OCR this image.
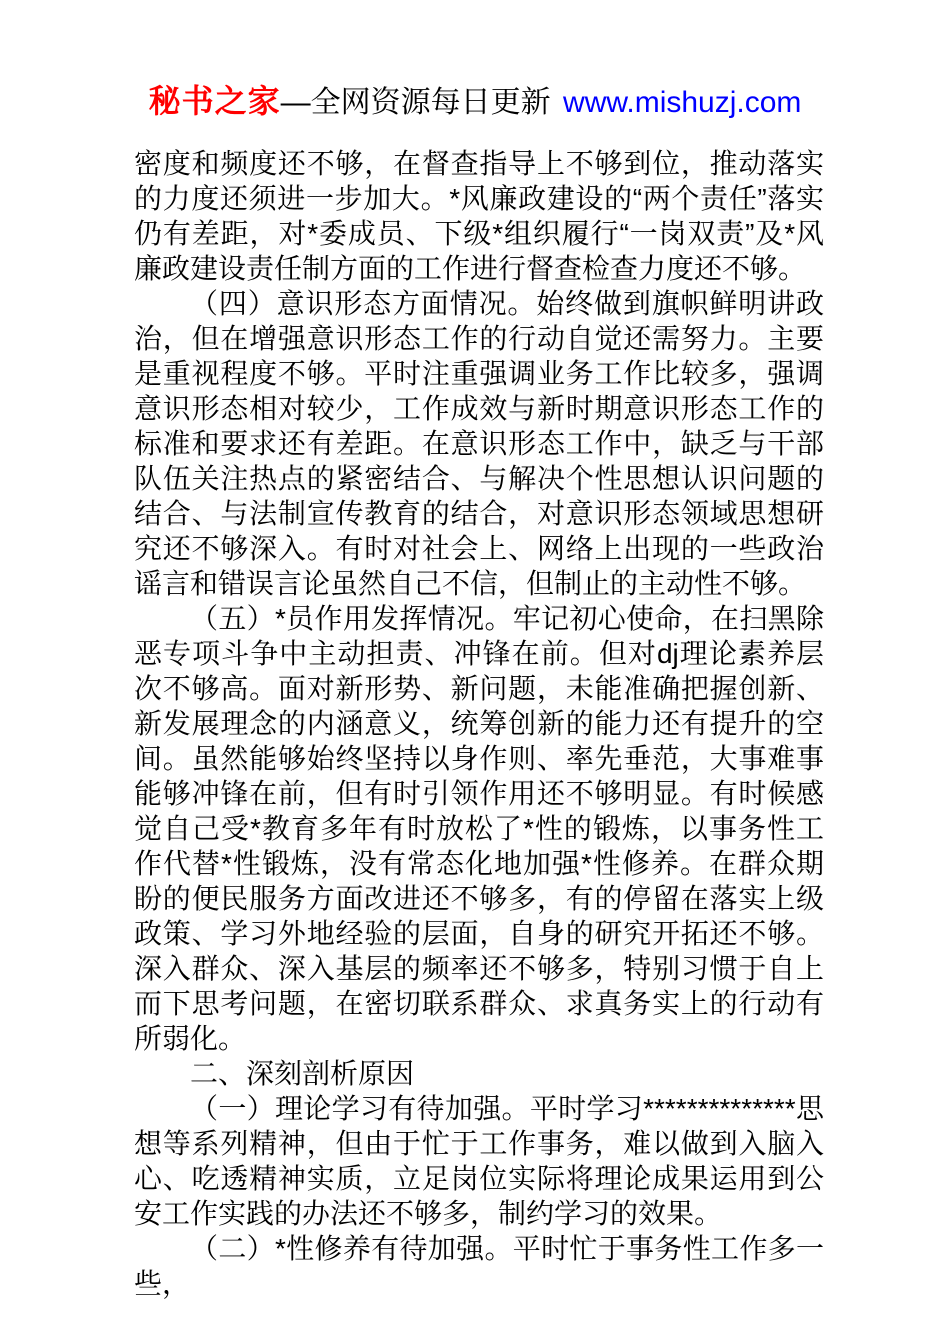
秘书之家—全网资源每日更新 www.mishuzj.com

密度和频度还不够，在督查指导上不够到位，推动落实的力度还须进一步加大。*风廉政建设的“两个责任”落实仍有差距，对*委成员、下级*组织履行“一岗双责”及*风廉政建设责任制方面的工作进行督查检查力度还不够。

（四）意识形态方面情况。始终做到旗帜鲜明讲政治，但在增强意识形态工作的行动自觉还需努力。主要是重视程度不够。平时注重强调业务工作比较多，强调意识形态相对较少，工作成效与新时期意识形态工作的标准和要求还有差距。在意识形态工作中，缺乏与干部队伍关注热点的紧密结合、与解决个性思想认识问题的结合、与法制宣传教育的结合，对意识形态领域思想研究还不够深入。有时对社会上、网络上出现的一些政治谣言和错误言论虽然自己不信，但制止的主动性不够。

（五）*员作用发挥情况。牢记初心使命，在扫黑除恶专项斗争中主动担责、冲锋在前。但对dj理论素养层次不够高。面对新形势、新问题，未能准确把握创新、新发展理念的内涵意义，统筹创新的能力还有提升的空间。虽然能够始终坚持以身作则、率先垂范，大事难事能够冲锋在前，但有时引领作用还不够明显。有时候感觉自己受*教育多年有时放松了*性的锻炼，以事务性工作代替*性锻炼，没有常态化地加强*性修养。在群众期盼的便民服务方面改进还不够多，有的停留在落实上级政策、学习外地经验的层面，自身的研究开拓还不够。深入群众、深入基层的频率还不够多，特别习惯于自上而下思考问题，在密切联系群众、求真务实上的行动有所弱化。

二、深刻剖析原因

（一）理论学习有待加强。平时学习**************思想等系列精神，但由于忙于工作事务，难以做到入脑入心、吃透精神实质，立足岗位实际将理论成果运用到公安工作实践的办法还不够多，制约学习的效果。

（二）*性修养有待加强。平时忙于事务性工作多一些，
